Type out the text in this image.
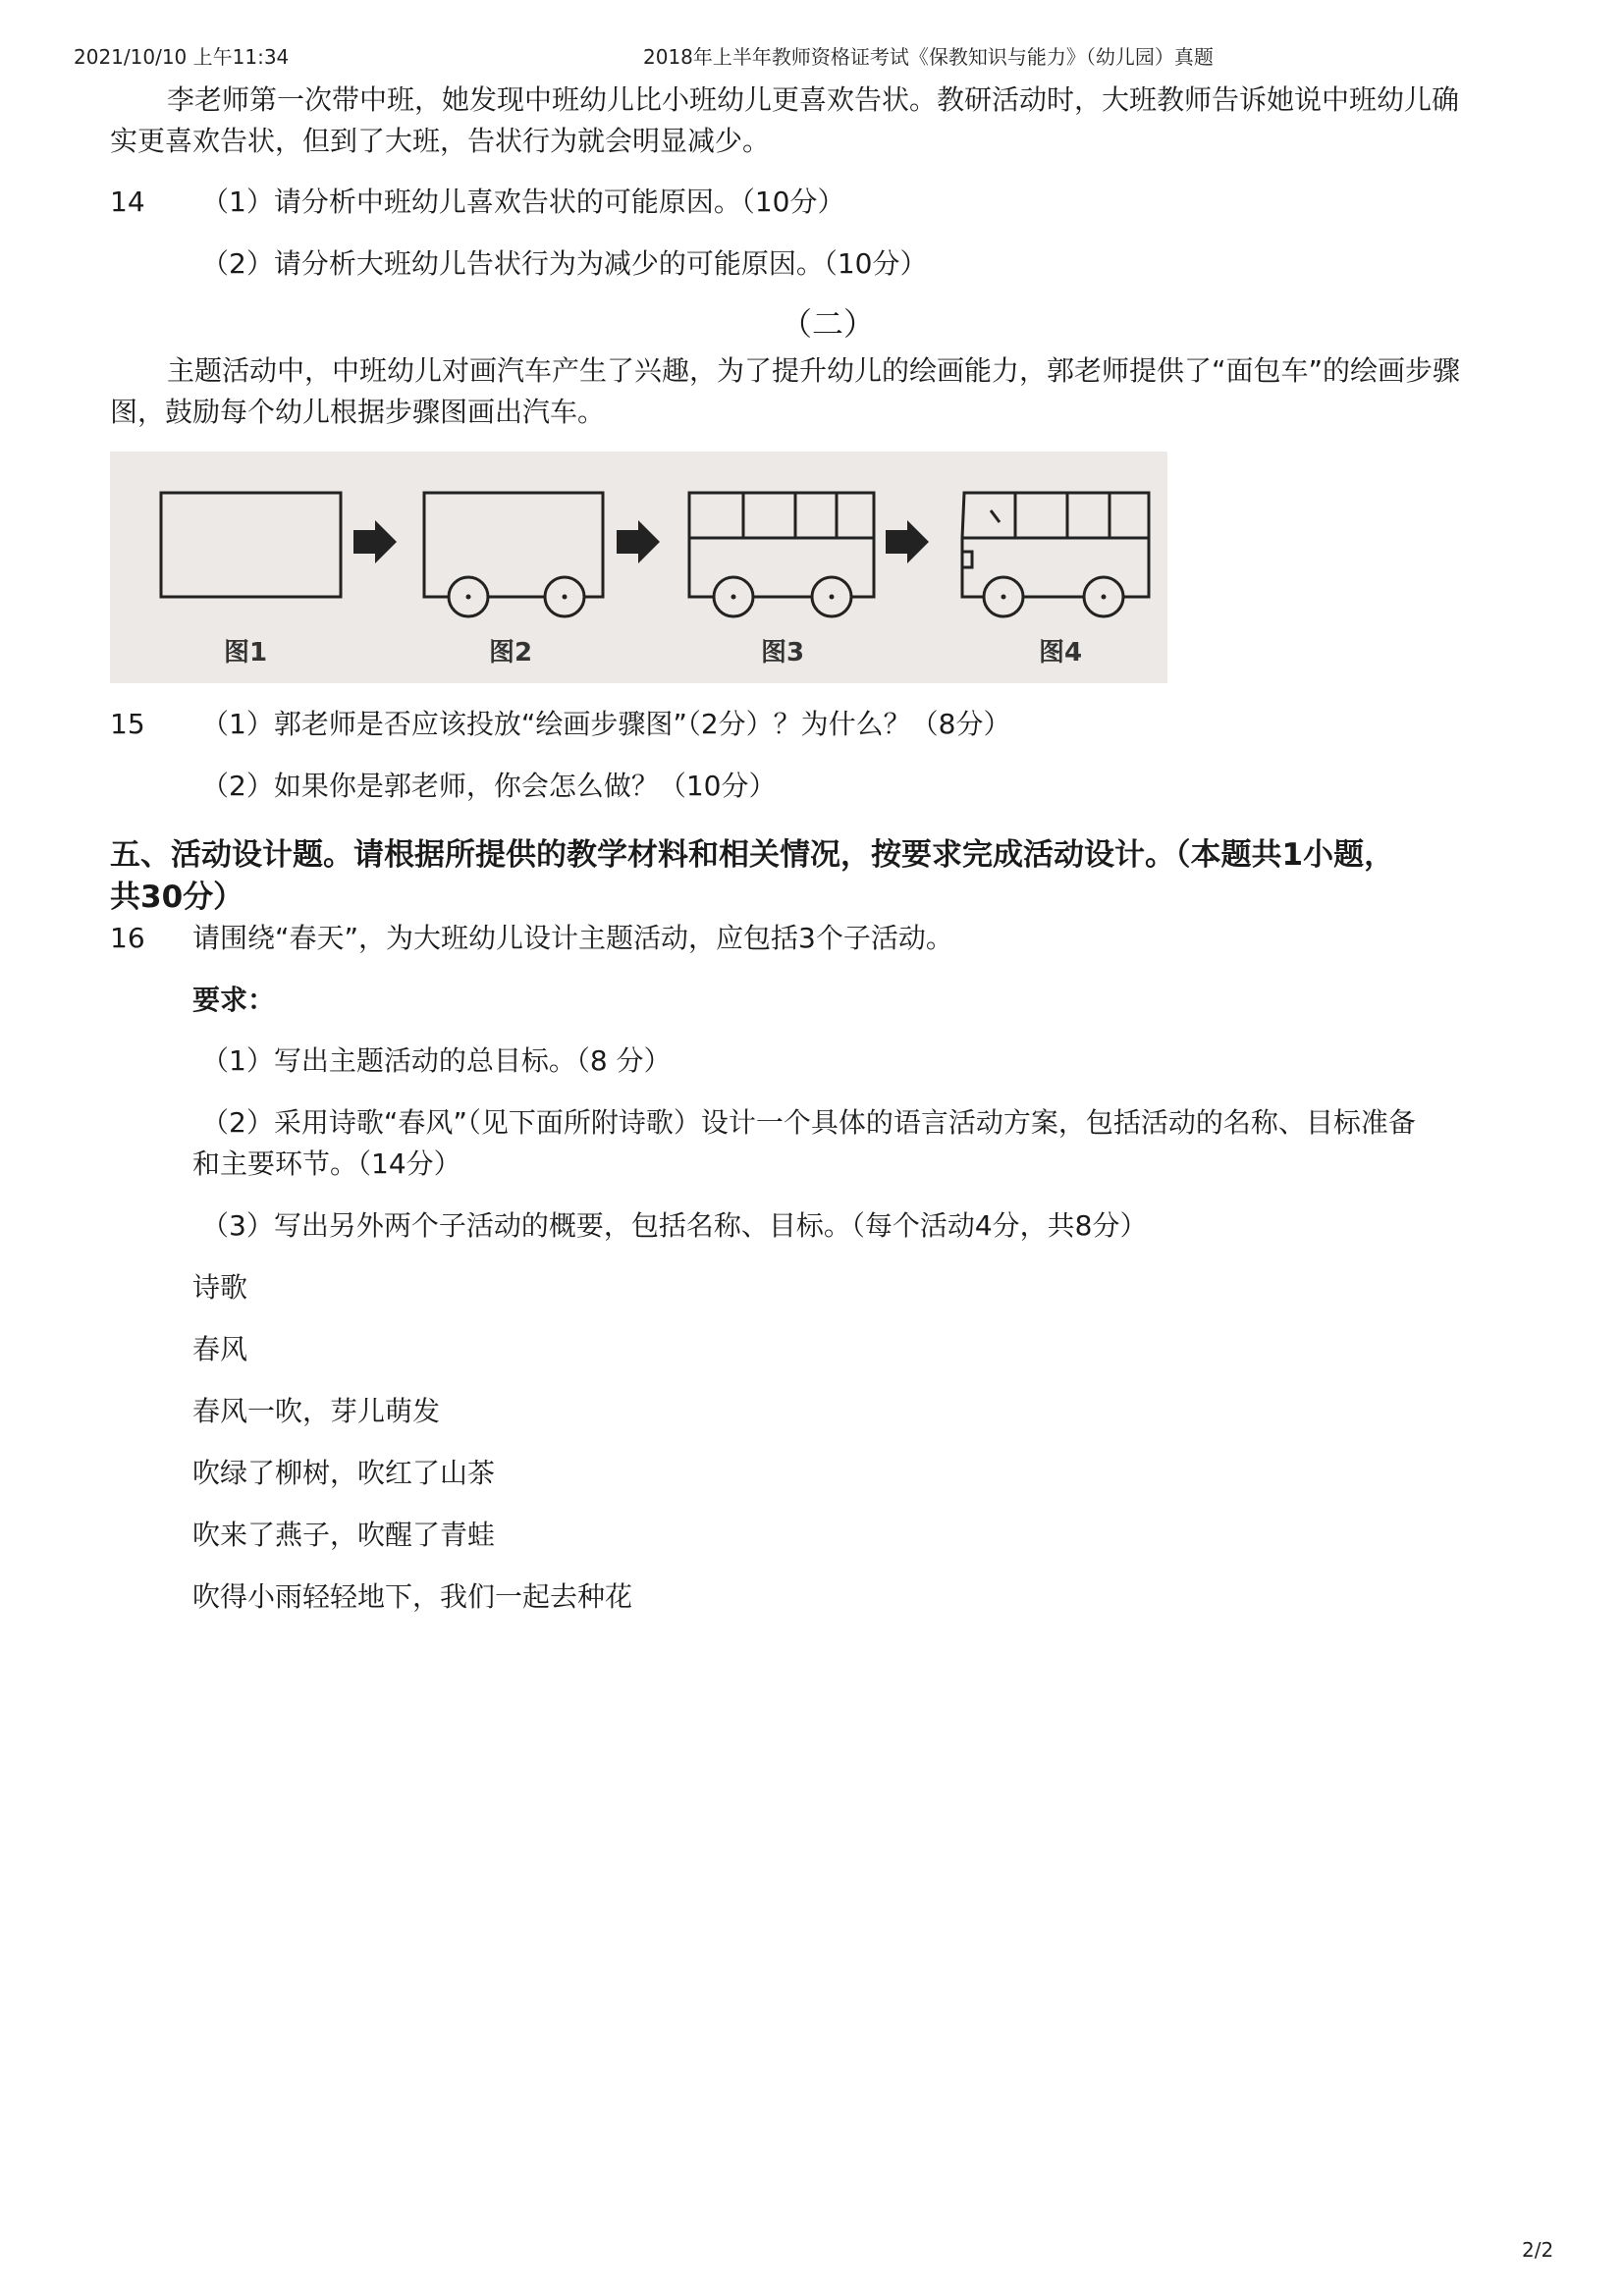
2021/10/10 上午11:34	2018年上半年教师资格证考试《保教知识与能力》（幼儿园）真题
李老师第一次带中班，她发现中班幼儿比小班幼儿更喜欢告状。教研活动时，大班教师告诉她说中班幼儿确
实更喜欢告状，但到了大班，告状行为就会明显减少。
14 （1）请分析中班幼儿喜欢告状的可能原因。（10分）
（2）请分析大班幼儿告状行为为减少的可能原因。（10分）
（二）
主题活动中，中班幼儿对画汽车产生了兴趣，为了提升幼儿的绘画能力，郭老师提供了“面包车”的绘画步骤
图，鼓励每个幼儿根据步骤图画出汽车。
图1	图2	图3	图4
15 （1）郭老师是否应该投放“绘画步骤图”（2分）？为什么？（8分）
（2）如果你是郭老师，你会怎么做？（10分）
五、活动设计题。请根据所提供的教学材料和相关情况，按要求完成活动设计。（本题共1小题，
共30分）
16 请围绕“春天”，为大班幼儿设计主题活动，应包括3个子活动。
要求：
（1）写出主题活动的总目标。（8 分）
（2）采用诗歌“春风”（见下面所附诗歌）设计一个具体的语言活动方案，包括活动的名称、目标准备
和主要环节。（14分）
（3）写出另外两个子活动的概要，包括名称、目标。（每个活动4分，共8分）
诗歌
春风
春风一吹，芽儿萌发
吹绿了柳树，吹红了山茶
吹来了燕子，吹醒了青蛙
吹得小雨轻轻地下，我们一起去种花
2/2
